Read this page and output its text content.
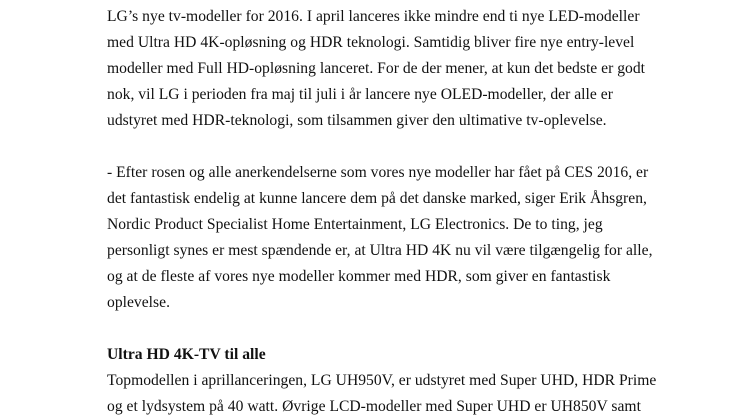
LG’s nye tv-modeller for 2016. I april lanceres ikke mindre end ti nye LED-modeller
med Ultra HD 4K-opløsning og HDR teknologi. Samtidig bliver fire nye entry-level
modeller med Full HD-opløsning lanceret. For de der mener, at kun det bedste er godt
nok, vil LG i perioden fra maj til juli i år lancere nye OLED-modeller, der alle er
udstyret med HDR-teknologi, som tilsammen giver den ultimative tv-oplevelse.

- Efter rosen og alle anerkendelserne som vores nye modeller har fået på CES 2016, er
det fantastisk endelig at kunne lancere dem på det danske marked, siger Erik Åhsgren,
Nordic Product Specialist Home Entertainment, LG Electronics. De to ting, jeg
personligt synes er mest spændende er, at Ultra HD 4K nu vil være tilgængelig for alle,
og at de fleste af vores nye modeller kommer med HDR, som giver en fantastisk
oplevelse.

Ultra HD 4K-TV til alle

Topmodellen i aprillanceringen, LG UH950V, er udstyret med Super UHD, HDR Prime
og et lydsystem på 40 watt. Øvrige LCD-modeller med Super UHD er UH850V samt
